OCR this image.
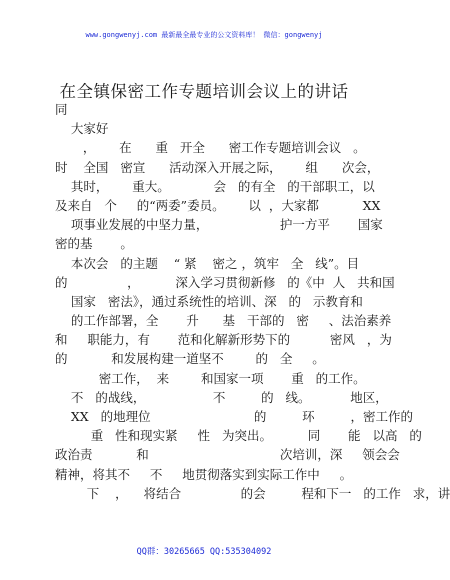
www.gongwenyj.com 最新最全最专业的公文资料库！ 微信：gongwenyj
在全镇保密工作专题培训会议上的讲话
同
大家好
，      在      重   开全      密工作专题培训会议   。
时    全国   密宣      活动深入开展之际，      组      次会，
其时，      重大。           会   的有全   的干部职工，以
及来自   个     的“两委”委员。      以  ，大家都           XX
项事业发展的中坚力量，                  护一方平       国家
密的基       。
本次会   的主题    “ 紧    密之 ，筑牢   全   线”。目
的               ，         深入学习贯彻新修   的《中  人   共和国
国家   密法》，通过系统性的培训、深   的   示教育和
的工作部署，全       升      基   干部的   密     、法治素养
和     职能力，有       范和化解新形势下的          密风   ，为
的           和发展构建一道坚不        的   全     。
密工作，  来        和国家一项       重   的工作。
不   的战线，                 不         的   线。          地区，
XX   的地理位                          的         环         ，密工作的
重   性和现实紧     性   为突出。         同       能   以高   的
政治责           和                                 次培训，深     领会会
精神，将其不     不     地贯彻落实到实际工作中     。
下    ，    将结合               的会         程和下一   的工作   求，讲
QQ群：30265665 QQ:535304092
